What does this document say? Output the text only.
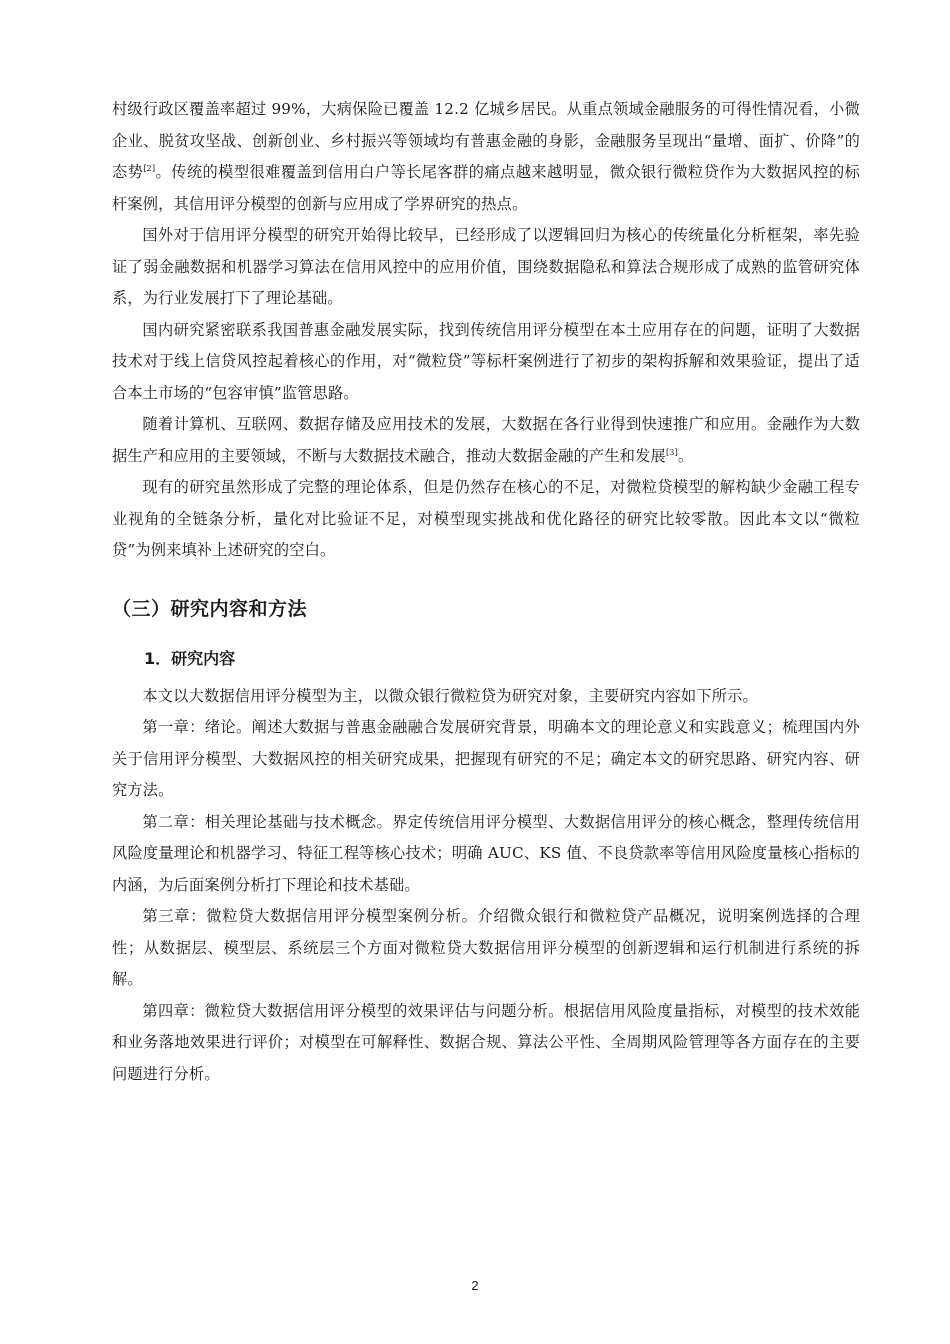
村级行政区覆盖率超过 99%，大病保险已覆盖 12.2 亿城乡居民。从重点领域金融服务的可得性情况看，小微企业、脱贫攻坚战、创新创业、乡村振兴等领域均有普惠金融的身影，金融服务呈现出“量增、面扩、价降”的态势[2]。传统的模型很难覆盖到信用白户等长尾客群的痛点越来越明显，微众银行微粒贷作为大数据风控的标杆案例，其信用评分模型的创新与应用成了学界研究的热点。

国外对于信用评分模型的研究开始得比较早，已经形成了以逻辑回归为核心的传统量化分析框架，率先验证了弱金融数据和机器学习算法在信用风控中的应用价值，围绕数据隐私和算法合规形成了成熟的监管研究体系，为行业发展打下了理论基础。

国内研究紧密联系我国普惠金融发展实际，找到传统信用评分模型在本土应用存在的问题，证明了大数据技术对于线上信贷风控起着核心的作用，对“微粒贷”等标杆案例进行了初步的架构拆解和效果验证，提出了适合本土市场的“包容审慎”监管思路。

随着计算机、互联网、数据存储及应用技术的发展，大数据在各行业得到快速推广和应用。金融作为大数据生产和应用的主要领域，不断与大数据技术融合，推动大数据金融的产生和发展[3]。

现有的研究虽然形成了完整的理论体系，但是仍然存在核心的不足，对微粒贷模型的解构缺少金融工程专业视角的全链条分析，量化对比验证不足，对模型现实挑战和优化路径的研究比较零散。因此本文以“微粒贷”为例来填补上述研究的空白。

（三）研究内容和方法
1．研究内容

本文以大数据信用评分模型为主，以微众银行微粒贷为研究对象，主要研究内容如下所示。

第一章：绪论。阐述大数据与普惠金融融合发展研究背景，明确本文的理论意义和实践意义；梳理国内外关于信用评分模型、大数据风控的相关研究成果，把握现有研究的不足；确定本文的研究思路、研究内容、研究方法。

第二章：相关理论基础与技术概念。界定传统信用评分模型、大数据信用评分的核心概念，整理传统信用风险度量理论和机器学习、特征工程等核心技术；明确 AUC、KS 值、不良贷款率等信用风险度量核心指标的内涵，为后面案例分析打下理论和技术基础。

第三章：微粒贷大数据信用评分模型案例分析。介绍微众银行和微粒贷产品概况，说明案例选择的合理性；从数据层、模型层、系统层三个方面对微粒贷大数据信用评分模型的创新逻辑和运行机制进行系统的拆解。

第四章：微粒贷大数据信用评分模型的效果评估与问题分析。根据信用风险度量指标，对模型的技术效能和业务落地效果进行评价；对模型在可解释性、数据合规、算法公平性、全周期风险管理等各方面存在的主要问题进行分析。

2
